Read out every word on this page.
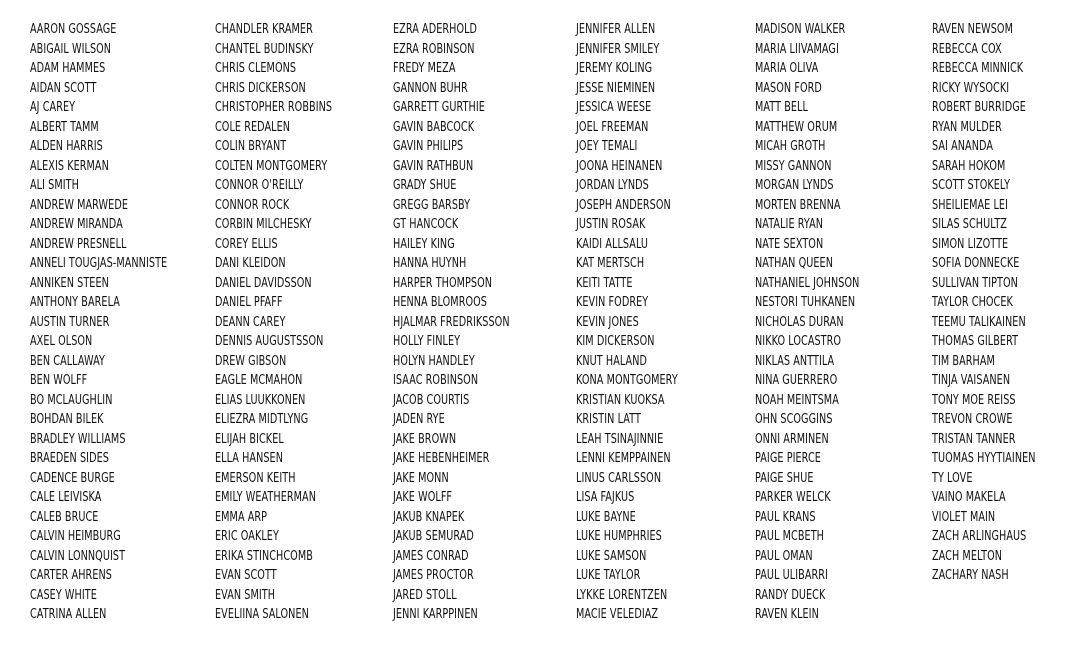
AARON GOSSAGE
ABIGAIL WILSON
ADAM HAMMES
AIDAN SCOTT
AJ CAREY
ALBERT TAMM
ALDEN HARRIS
ALEXIS KERMAN
ALI SMITH
ANDREW MARWEDE
ANDREW MIRANDA
ANDREW PRESNELL
ANNELI TOUGJAS-MANNISTE
ANNIKEN STEEN
ANTHONY BARELA
AUSTIN TURNER
AXEL OLSON
BEN CALLAWAY
BEN WOLFF
BO MCLAUGHLIN
BOHDAN BILEK
BRADLEY WILLIAMS
BRAEDEN SIDES
CADENCE BURGE
CALE LEIVISKA
CALEB BRUCE
CALVIN HEIMBURG
CALVIN LONNQUIST
CARTER AHRENS
CASEY WHITE
CATRINA ALLEN
CHANDLER KRAMER
CHANTEL BUDINSKY
CHRIS CLEMONS
CHRIS DICKERSON
CHRISTOPHER ROBBINS
COLE REDALEN
COLIN BRYANT
COLTEN MONTGOMERY
CONNOR O'REILLY
CONNOR ROCK
CORBIN MILCHESKY
COREY ELLIS
DANI KLEIDON
DANIEL DAVIDSSON
DANIEL PFAFF
DEANN CAREY
DENNIS AUGUSTSSON
DREW GIBSON
EAGLE MCMAHON
ELIAS LUUKKONEN
ELIEZRA MIDTLYNG
ELIJAH BICKEL
ELLA HANSEN
EMERSON KEITH
EMILY WEATHERMAN
EMMA ARP
ERIC OAKLEY
ERIKA STINCHCOMB
EVAN SCOTT
EVAN SMITH
EVELIINA SALONEN
EZRA ADERHOLD
EZRA ROBINSON
FREDY MEZA
GANNON BUHR
GARRETT GURTHIE
GAVIN BABCOCK
GAVIN PHILIPS
GAVIN RATHBUN
GRADY SHUE
GREGG BARSBY
GT HANCOCK
HAILEY KING
HANNA HUYNH
HARPER THOMPSON
HENNA BLOMROOS
HJALMAR FREDRIKSSON
HOLLY FINLEY
HOLYN HANDLEY
ISAAC ROBINSON
JACOB COURTIS
JADEN RYE
JAKE BROWN
JAKE HEBENHEIMER
JAKE MONN
JAKE WOLFF
JAKUB KNAPEK
JAKUB SEMURAD
JAMES CONRAD
JAMES PROCTOR
JARED STOLL
JENNI KARPPINEN
JENNIFER ALLEN
JENNIFER SMILEY
JEREMY KOLING
JESSE NIEMINEN
JESSICA WEESE
JOEL FREEMAN
JOEY TEMALI
JOONA HEINANEN
JORDAN LYNDS
JOSEPH ANDERSON
JUSTIN ROSAK
KAIDI ALLSALU
KAT MERTSCH
KEITI TATTE
KEVIN FODREY
KEVIN JONES
KIM DICKERSON
KNUT HALAND
KONA MONTGOMERY
KRISTIAN KUOKSA
KRISTIN LATT
LEAH TSINAJINNIE
LENNI KEMPPAINEN
LINUS CARLSSON
LISA FAJKUS
LUKE BAYNE
LUKE HUMPHRIES
LUKE SAMSON
LUKE TAYLOR
LYKKE LORENTZEN
MACIE VELEDIAZ
MADISON WALKER
MARIA LIIVAMAGI
MARIA OLIVA
MASON FORD
MATT BELL
MATTHEW ORUM
MICAH GROTH
MISSY GANNON
MORGAN LYNDS
MORTEN BRENNA
NATALIE RYAN
NATE SEXTON
NATHAN QUEEN
NATHANIEL JOHNSON
NESTORI TUHKANEN
NICHOLAS DURAN
NIKKO LOCASTRO
NIKLAS ANTTILA
NINA GUERRERO
NOAH MEINTSMA
OHN SCOGGINS
ONNI ARMINEN
PAIGE PIERCE
PAIGE SHUE
PARKER WELCK
PAUL KRANS
PAUL MCBETH
PAUL OMAN
PAUL ULIBARRI
RANDY DUECK
RAVEN KLEIN
RAVEN NEWSOM
REBECCA COX
REBECCA MINNICK
RICKY WYSOCKI
ROBERT BURRIDGE
RYAN MULDER
SAI ANANDA
SARAH HOKOM
SCOTT STOKELY
SHEILIEMAE LEI
SILAS SCHULTZ
SIMON LIZOTTE
SOFIA DONNECKE
SULLIVAN TIPTON
TAYLOR CHOCEK
TEEMU TALIKAINEN
THOMAS GILBERT
TIM BARHAM
TINJA VAISANEN
TONY MOE REISS
TREVON CROWE
TRISTAN TANNER
TUOMAS HYYTIAINEN
TY LOVE
VAINO MAKELA
VIOLET MAIN
ZACH ARLINGHAUS
ZACH MELTON
ZACHARY NASH
